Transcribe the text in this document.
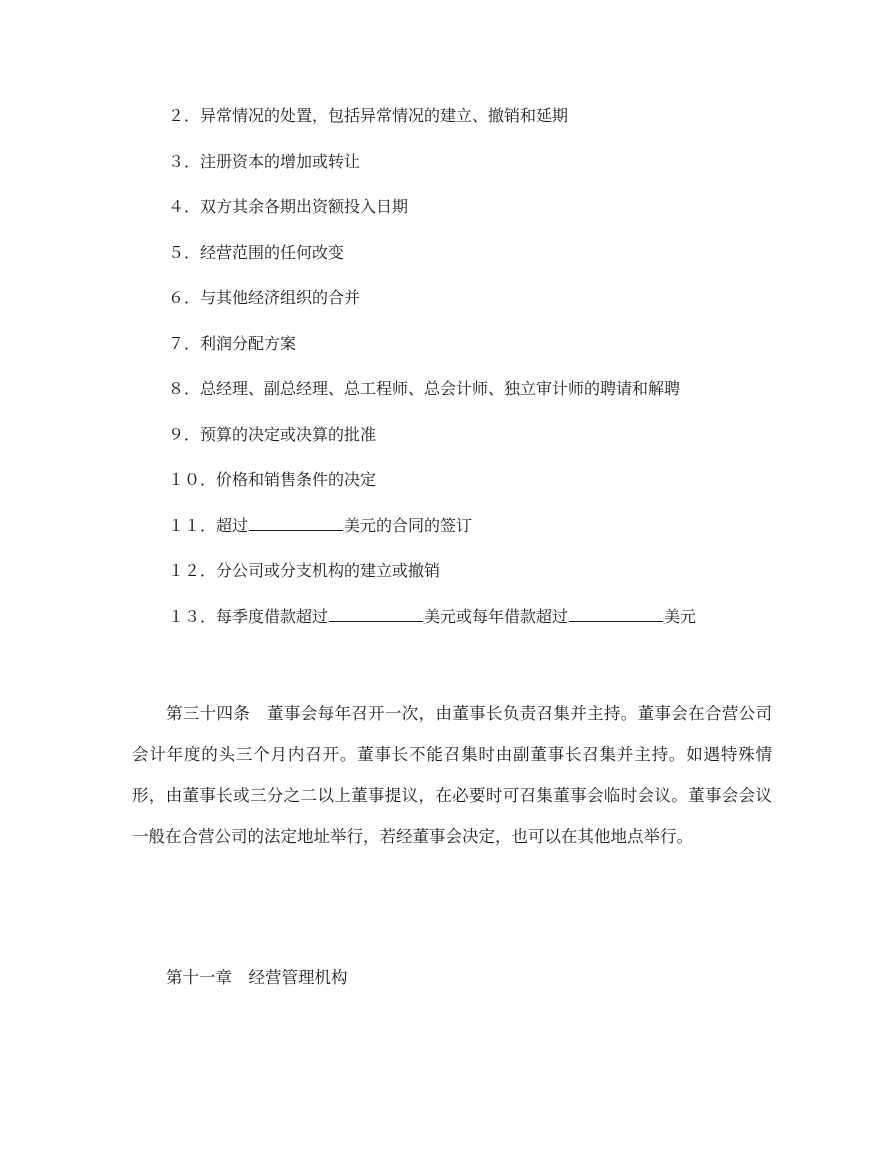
２．异常情况的处置，包括异常情况的建立、撤销和延期
３．注册资本的增加或转让
４．双方其余各期出资额投入日期
５．经营范围的任何改变
６．与其他经济组织的合并
７．利润分配方案
８．总经理、副总经理、总工程师、总会计师、独立审计师的聘请和解聘
９．预算的决定或决算的批准
１０．价格和销售条件的决定
１１．超过	美元的合同的签订
１２．分公司或分支机构的建立或撤销
１３．每季度借款超过	美元或每年借款超过	美元
第三十四条　董事会每年召开一次，由董事长负责召集并主持。董事会在合营公司会计年度的头三个月内召开。董事长不能召集时由副董事长召集并主持。如遇特殊情形，由董事长或三分之二以上董事提议，在必要时可召集董事会临时会议。董事会会议一般在合营公司的法定地址举行，若经董事会决定，也可以在其他地点举行。
第十一章　经营管理机构
